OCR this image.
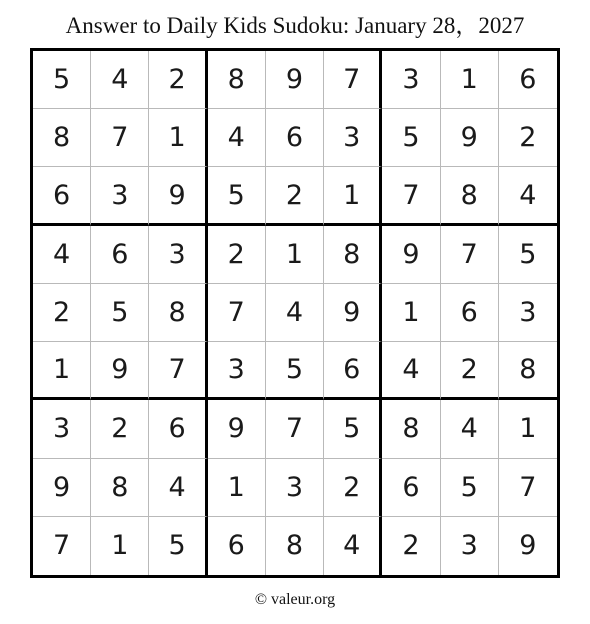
Answer to Daily Kids Sudoku: January 28，2027
5	4	2	8	9	7	3	1	6
8	7	1	4	6	3	5	9	2
6	3	9	5	2	1	7	8	4
4	6	3	2	1	8	9	7	5
2	5	8	7	4	9	1	6	3
1	9	7	3	5	6	4	2	8
3	2	6	9	7	5	8	4	1
9	8	4	1	3	2	6	5	7
7	1	5	6	8	4	2	3	9
© valeur.org
